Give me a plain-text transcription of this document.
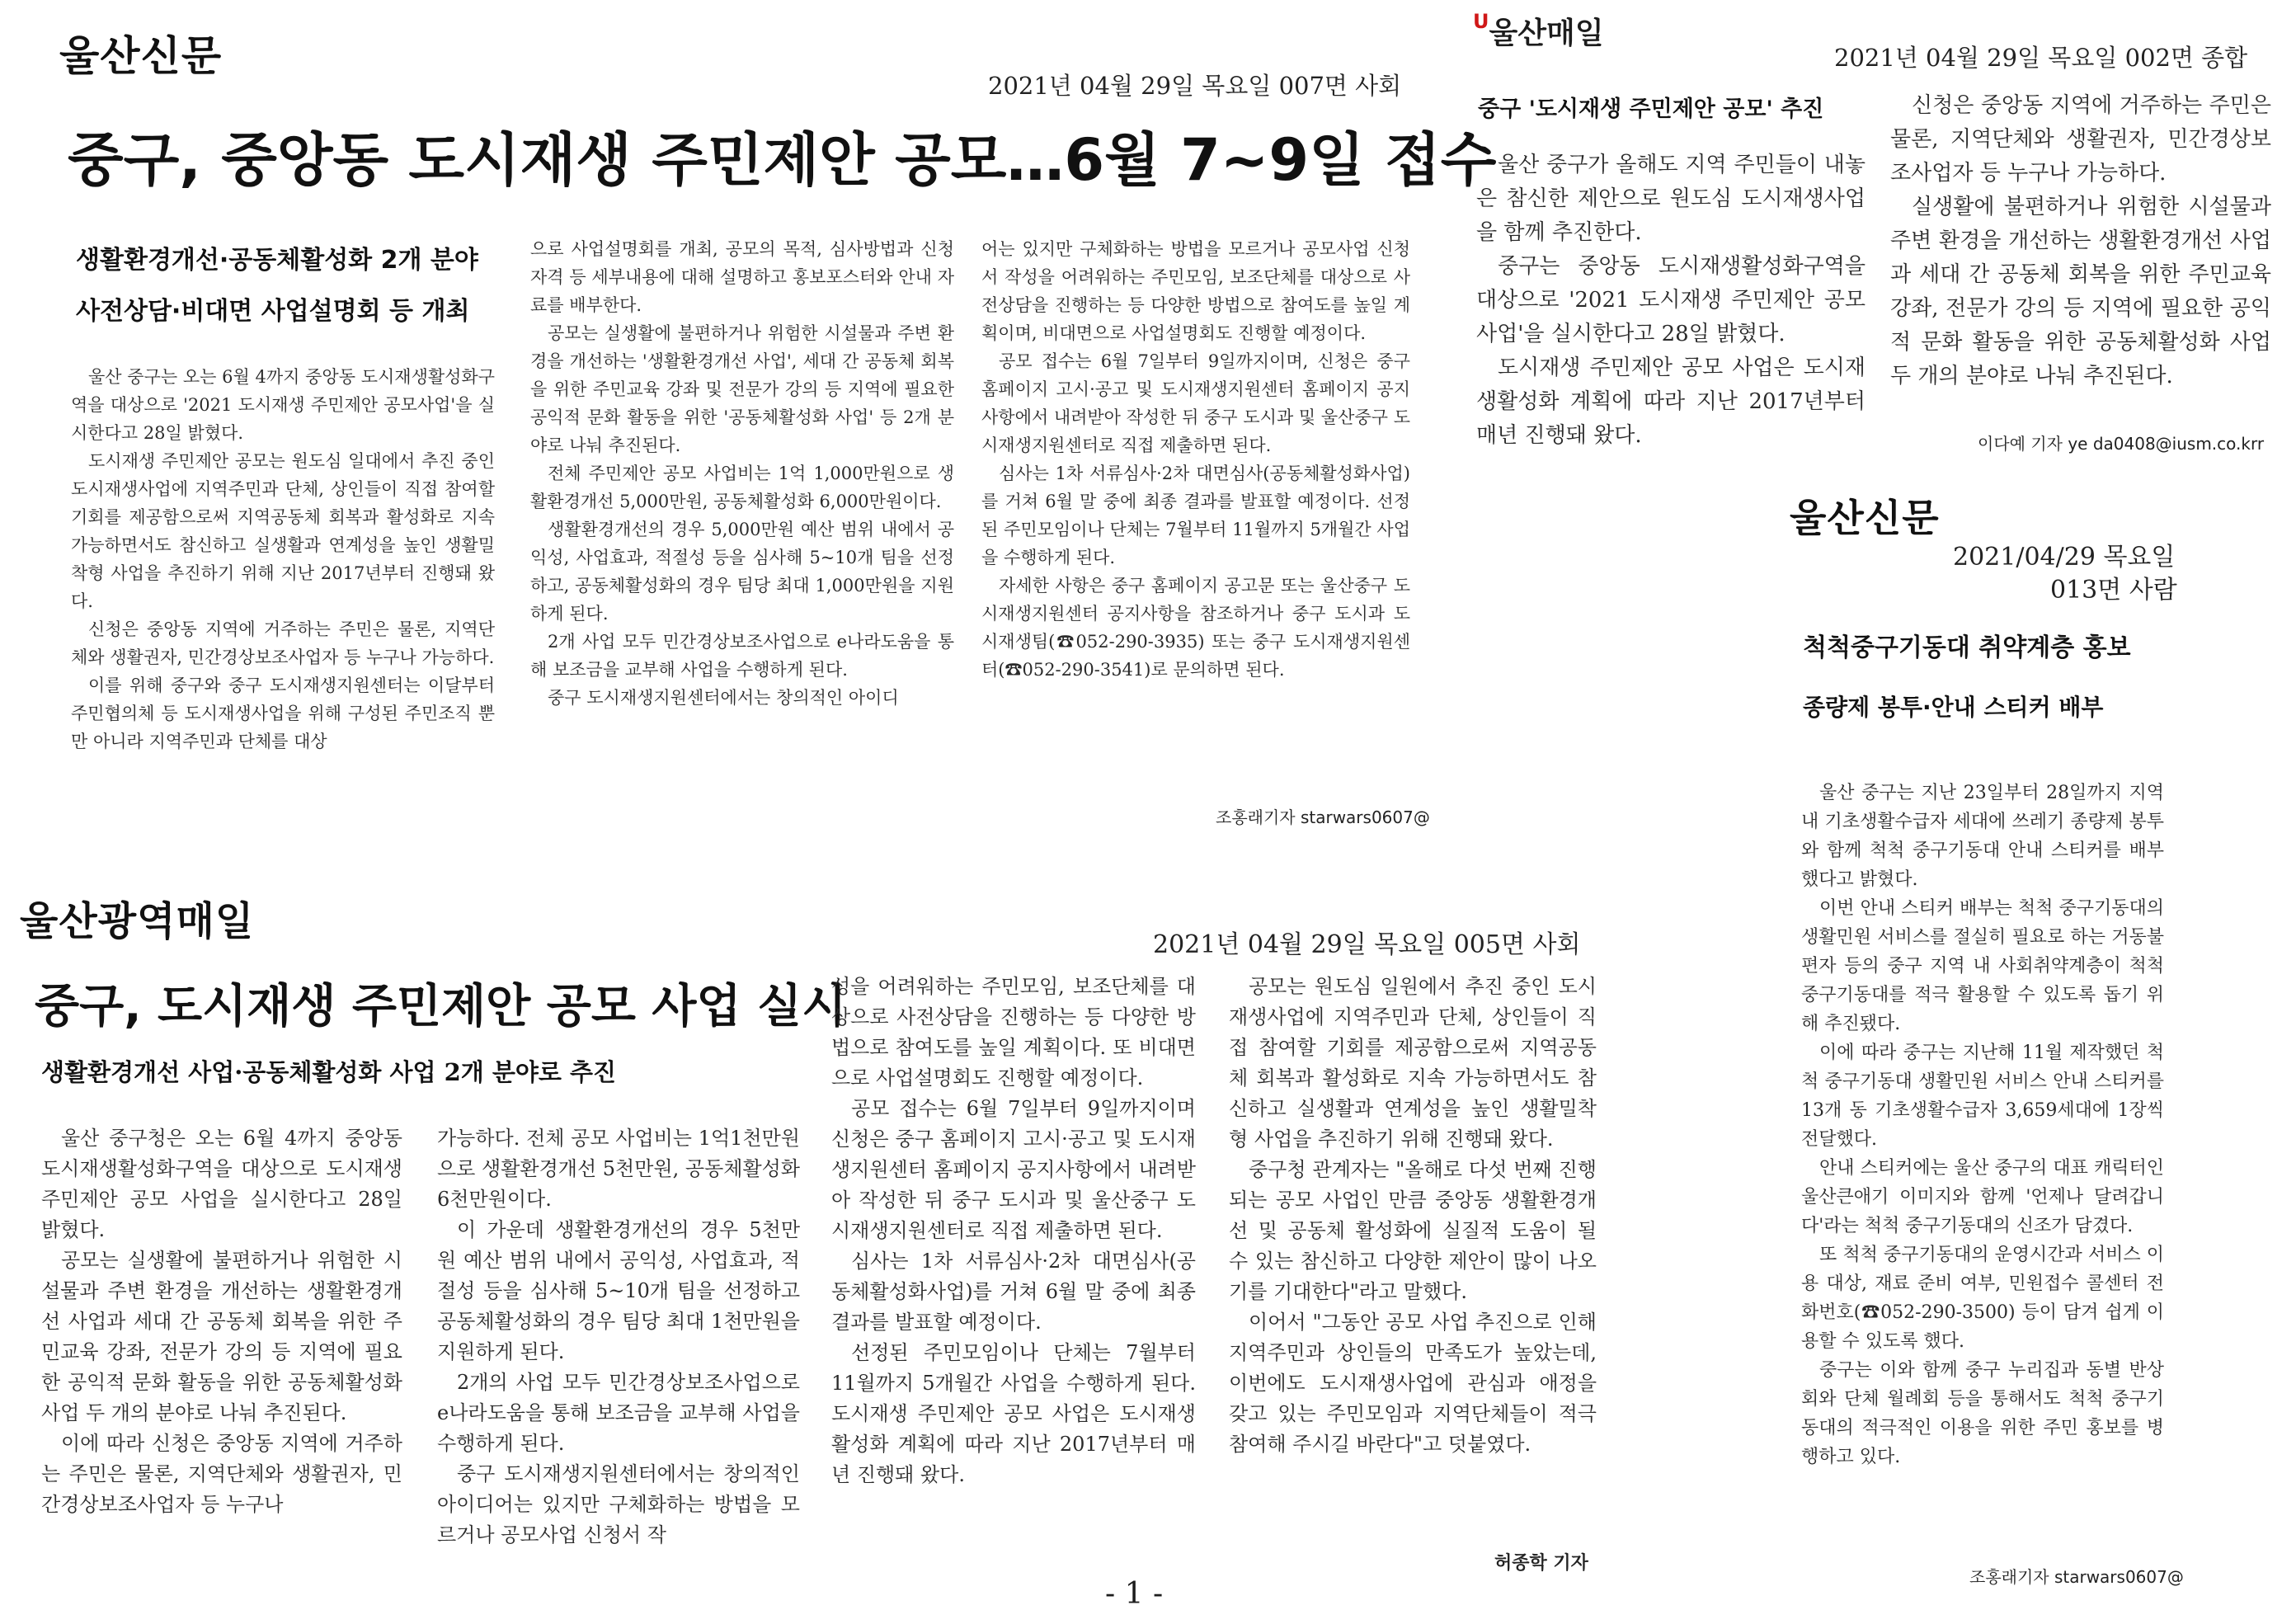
울산신문
2021년 04월 29일 목요일 007면 사회
중구, 중앙동 도시재생 주민제안 공모…6월 7~9일 접수
생활환경개선·공동체활성화 2개 분야
사전상담·비대면 사업설명회 등 개최

울산 중구는 오는 6월 4까지 중앙동 도시재생활성화구역을 대상으로 '2021 도시재생 주민제안 공모사업'을 실시한다고 28일 밝혔다.

도시재생 주민제안 공모는 원도심 일대에서 추진 중인 도시재생사업에 지역주민과 단체, 상인들이 직접 참여할 기회를 제공함으로써 지역공동체 회복과 활성화로 지속 가능하면서도 참신하고 실생활과 연계성을 높인 생활밀착형 사업을 추진하기 위해 지난 2017년부터 진행돼 왔다.

신청은 중앙동 지역에 거주하는 주민은 물론, 지역단체와 생활권자, 민간경상보조사업자 등 누구나 가능하다.

이를 위해 중구와 중구 도시재생지원센터는 이달부터 주민협의체 등 도시재생사업을 위해 구성된 주민조직 뿐만 아니라 지역주민과 단체를 대상

으로 사업설명회를 개최, 공모의 목적, 심사방법과 신청자격 등 세부내용에 대해 설명하고 홍보포스터와 안내 자료를 배부한다.

공모는 실생활에 불편하거나 위험한 시설물과 주변 환경을 개선하는 '생활환경개선 사업', 세대 간 공동체 회복을 위한 주민교육 강좌 및 전문가 강의 등 지역에 필요한 공익적 문화 활동을 위한 '공동체활성화 사업' 등 2개 분야로 나눠 추진된다.

전체 주민제안 공모 사업비는 1억 1,000만원으로 생활환경개선 5,000만원, 공동체활성화 6,000만원이다.

생활환경개선의 경우 5,000만원 예산 범위 내에서 공익성, 사업효과, 적절성 등을 심사해 5~10개 팀을 선정하고, 공동체활성화의 경우 팀당 최대 1,000만원을 지원하게 된다.

2개 사업 모두 민간경상보조사업으로 e나라도움을 통해 보조금을 교부해 사업을 수행하게 된다.

중구 도시재생지원센터에서는 창의적인 아이디

어는 있지만 구체화하는 방법을 모르거나 공모사업 신청서 작성을 어려워하는 주민모임, 보조단체를 대상으로 사전상담을 진행하는 등 다양한 방법으로 참여도를 높일 계획이며, 비대면으로 사업설명회도 진행할 예정이다.

공모 접수는 6월 7일부터 9일까지이며, 신청은 중구 홈페이지 고시·공고 및 도시재생지원센터 홈페이지 공지사항에서 내려받아 작성한 뒤 중구 도시과 및 울산중구 도시재생지원센터로 직접 제출하면 된다.

심사는 1차 서류심사·2차 대면심사(공동체활성화사업)를 거쳐 6월 말 중에 최종 결과를 발표할 예정이다. 선정된 주민모임이나 단체는 7월부터 11월까지 5개월간 사업을 수행하게 된다.

자세한 사항은 중구 홈페이지 공고문 또는 울산중구 도시재생지원센터 공지사항을 참조하거나 중구 도시과 도시재생팀(☎052-290-3935) 또는 중구 도시재생지원센터(☎052-290-3541)로 문의하면 된다.

조홍래기자 starwars0607@
$^U$울산매일
2021년 04월 29일 목요일 002면 종합
중구 '도시재생 주민제안 공모' 추진

울산 중구가 올해도 지역 주민들이 내놓은 참신한 제안으로 원도심 도시재생사업을 함께 추진한다.

중구는 중앙동 도시재생활성화구역을 대상으로 '2021 도시재생 주민제안 공모 사업'을 실시한다고 28일 밝혔다.

도시재생 주민제안 공모 사업은 도시재생활성화 계획에 따라 지난 2017년부터 매년 진행돼 왔다.

신청은 중앙동 지역에 거주하는 주민은 물론, 지역단체와 생활권자, 민간경상보조사업자 등 누구나 가능하다.

실생활에 불편하거나 위험한 시설물과 주변 환경을 개선하는 생활환경개선 사업과 세대 간 공동체 회복을 위한 주민교육 강좌, 전문가 강의 등 지역에 필요한 공익적 문화 활동을 위한 공동체활성화 사업 두 개의 분야로 나눠 추진된다.

이다예 기자 ye da0408@iusm.co.krr
울산신문
2021/04/29 목요일
013면 사람
척척중구기동대 취약계층 홍보
종량제 봉투·안내 스티커 배부

울산 중구는 지난 23일부터 28일까지 지역 내 기초생활수급자 세대에 쓰레기 종량제 봉투와 함께 척척 중구기동대 안내 스티커를 배부했다고 밝혔다.

이번 안내 스티커 배부는 척척 중구기동대의 생활민원 서비스를 절실히 필요로 하는 거동불편자 등의 중구 지역 내 사회취약계층이 척척 중구기동대를 적극 활용할 수 있도록 돕기 위해 추진됐다.

이에 따라 중구는 지난해 11월 제작했던 척척 중구기동대 생활민원 서비스 안내 스티커를 13개 동 기초생활수급자 3,659세대에 1장씩 전달했다.

안내 스티커에는 울산 중구의 대표 캐릭터인 울산큰애기 이미지와 함께 '언제나 달려갑니다'라는 척척 중구기동대의 신조가 담겼다.

또 척척 중구기동대의 운영시간과 서비스 이용 대상, 재료 준비 여부, 민원접수 콜센터 전화번호(☎052-290-3500) 등이 담겨 쉽게 이용할 수 있도록 했다.

중구는 이와 함께 중구 누리집과 동별 반상회와 단체 월례회 등을 통해서도 척척 중구기동대의 적극적인 이용을 위한 주민 홍보를 병행하고 있다.

조홍래기자 starwars0607@
울산광역매일
2021년 04월 29일 목요일 005면 사회
중구, 도시재생 주민제안 공모 사업 실시
생활환경개선 사업·공동체활성화 사업 2개 분야로 추진

울산 중구청은 오는 6월 4까지 중앙동 도시재생활성화구역을 대상으로 도시재생 주민제안 공모 사업을 실시한다고 28일 밝혔다.

공모는 실생활에 불편하거나 위험한 시설물과 주변 환경을 개선하는 생활환경개선 사업과 세대 간 공동체 회복을 위한 주민교육 강좌, 전문가 강의 등 지역에 필요한 공익적 문화 활동을 위한 공동체활성화 사업 두 개의 분야로 나눠 추진된다.

이에 따라 신청은 중앙동 지역에 거주하는 주민은 물론, 지역단체와 생활권자, 민간경상보조사업자 등 누구나

가능하다. 전체 공모 사업비는 1억1천만원으로 생활환경개선 5천만원, 공동체활성화 6천만원이다.

이 가운데 생활환경개선의 경우 5천만원 예산 범위 내에서 공익성, 사업효과, 적절성 등을 심사해 5~10개 팀을 선정하고 공동체활성화의 경우 팀당 최대 1천만원을 지원하게 된다.

2개의 사업 모두 민간경상보조사업으로 e나라도움을 통해 보조금을 교부해 사업을 수행하게 된다.

중구 도시재생지원센터에서는 창의적인 아이디어는 있지만 구체화하는 방법을 모르거나 공모사업 신청서 작

성을 어려워하는 주민모임, 보조단체를 대상으로 사전상담을 진행하는 등 다양한 방법으로 참여도를 높일 계획이다. 또 비대면으로 사업설명회도 진행할 예정이다.

공모 접수는 6월 7일부터 9일까지이며 신청은 중구 홈페이지 고시·공고 및 도시재생지원센터 홈페이지 공지사항에서 내려받아 작성한 뒤 중구 도시과 및 울산중구 도시재생지원센터로 직접 제출하면 된다.

심사는 1차 서류심사·2차 대면심사(공동체활성화사업)를 거쳐 6월 말 중에 최종 결과를 발표할 예정이다.

선정된 주민모임이나 단체는 7월부터 11월까지 5개월간 사업을 수행하게 된다. 도시재생 주민제안 공모 사업은 도시재생활성화 계획에 따라 지난 2017년부터 매년 진행돼 왔다.

공모는 원도심 일원에서 추진 중인 도시재생사업에 지역주민과 단체, 상인들이 직접 참여할 기회를 제공함으로써 지역공동체 회복과 활성화로 지속 가능하면서도 참신하고 실생활과 연계성을 높인 생활밀착형 사업을 추진하기 위해 진행돼 왔다.

중구청 관계자는 "올해로 다섯 번째 진행되는 공모 사업인 만큼 중앙동 생활환경개선 및 공동체 활성화에 실질적 도움이 될 수 있는 참신하고 다양한 제안이 많이 나오기를 기대한다"라고 말했다.

이어서 "그동안 공모 사업 추진으로 인해 지역주민과 상인들의 만족도가 높았는데, 이번에도 도시재생사업에 관심과 애정을 갖고 있는 주민모임과 지역단체들이 적극 참여해 주시길 바란다"고 덧붙였다.

허종학 기자
- 1 -
